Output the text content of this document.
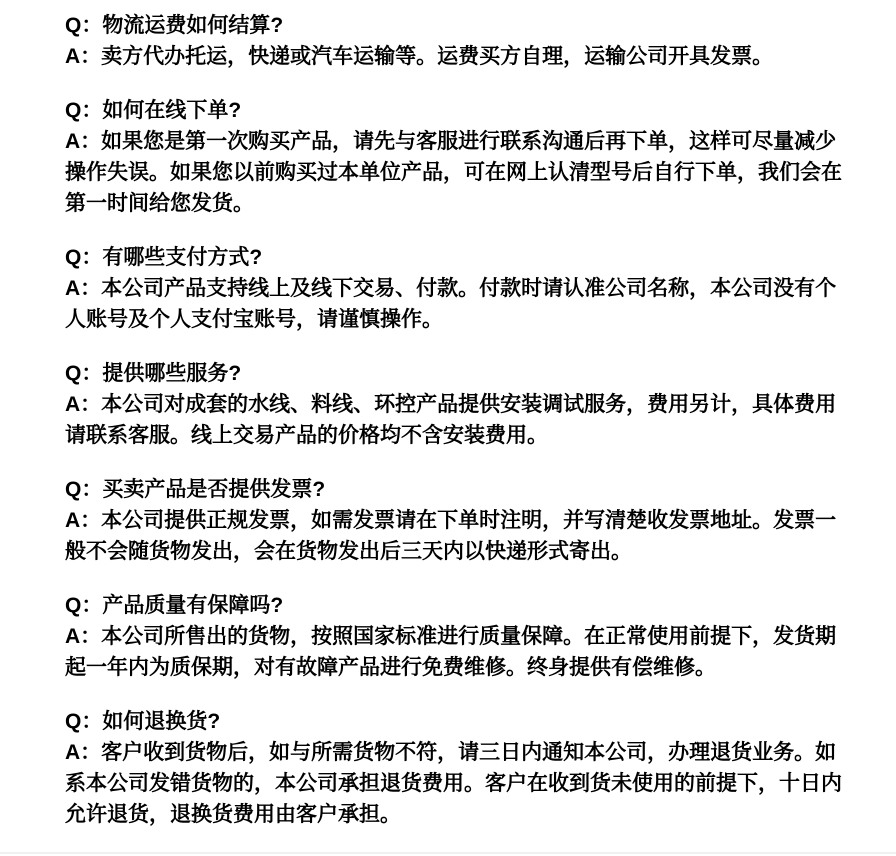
Q：物流运费如何结算?
A：卖方代办托运，快递或汽车运输等。运费买方自理，运输公司开具发票。
Q：如何在线下单?
A：如果您是第一次购买产品，请先与客服进行联系沟通后再下单，这样可尽量减少操作失误。如果您以前购买过本单位产品，可在网上认清型号后自行下单，我们会在第一时间给您发货。
Q：有哪些支付方式?
A：本公司产品支持线上及线下交易、付款。付款时请认准公司名称，本公司没有个人账号及个人支付宝账号，请谨慎操作。
Q：提供哪些服务?
A：本公司对成套的水线、料线、环控产品提供安装调试服务，费用另计，具体费用请联系客服。线上交易产品的价格均不含安装费用。
Q：买卖产品是否提供发票?
A：本公司提供正规发票，如需发票请在下单时注明，并写清楚收发票地址。发票一般不会随货物发出，会在货物发出后三天内以快递形式寄出。
Q：产品质量有保障吗?
A：本公司所售出的货物，按照国家标准进行质量保障。在正常使用前提下，发货期起一年内为质保期，对有故障产品进行免费维修。终身提供有偿维修。
Q：如何退换货?
A：客户收到货物后，如与所需货物不符，请三日内通知本公司，办理退货业务。如系本公司发错货物的，本公司承担退货费用。客户在收到货未使用的前提下，十日内允许退货，退换货费用由客户承担。
